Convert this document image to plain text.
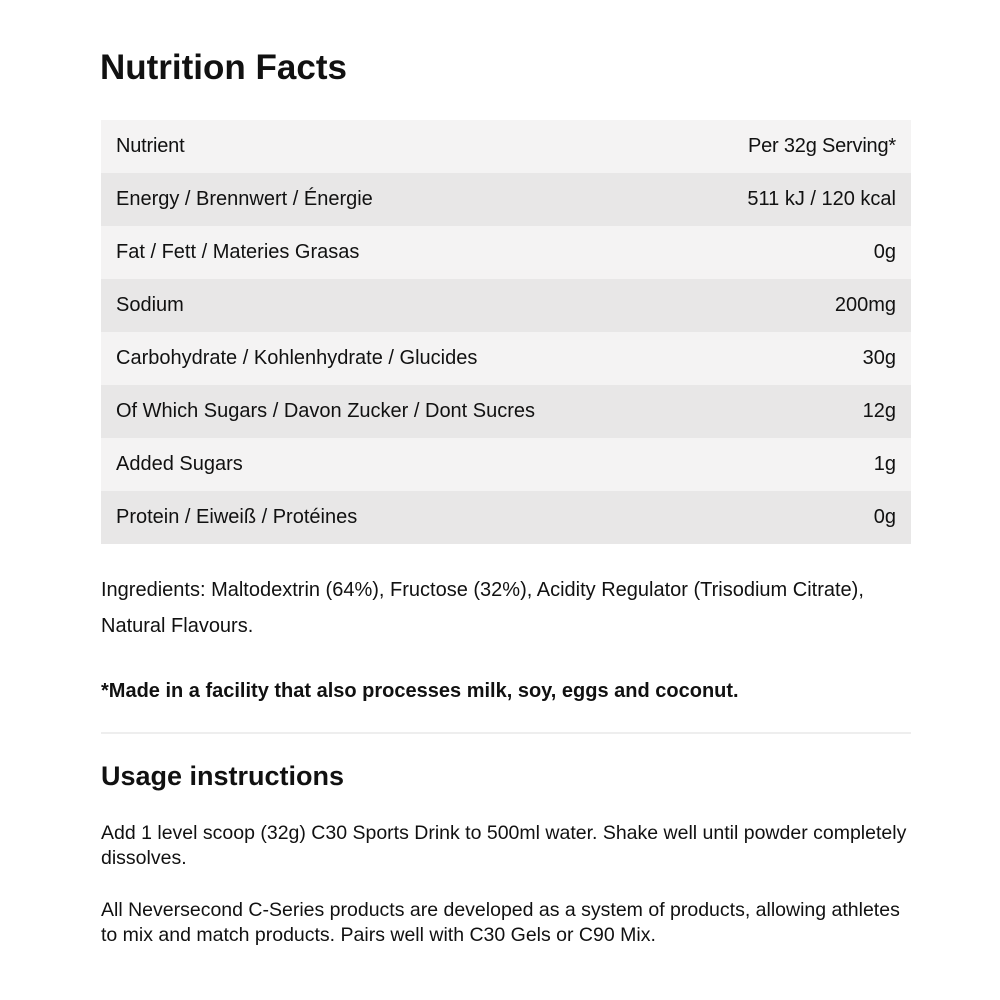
Nutrition Facts
Nutrient	Per 32g Serving*
Energy / Brennwert / Énergie	511 kJ / 120 kcal
Fat / Fett / Materies Grasas	0g
Sodium	200mg
Carbohydrate / Kohlenhydrate / Glucides	30g
Of Which Sugars / Davon Zucker / Dont Sucres	12g
Added Sugars	1g
Protein / Eiweiß / Protéines	0g

Ingredients: Maltodextrin (64%), Fructose (32%), Acidity Regulator (Trisodium Citrate), Natural Flavours.

*Made in a facility that also processes milk, soy, eggs and coconut.

Usage instructions

Add 1 level scoop (32g) C30 Sports Drink to 500ml water. Shake well until powder completely dissolves.

All Neversecond C-Series products are developed as a system of products, allowing athletes to mix and match products. Pairs well with C30 Gels or C90 Mix.
